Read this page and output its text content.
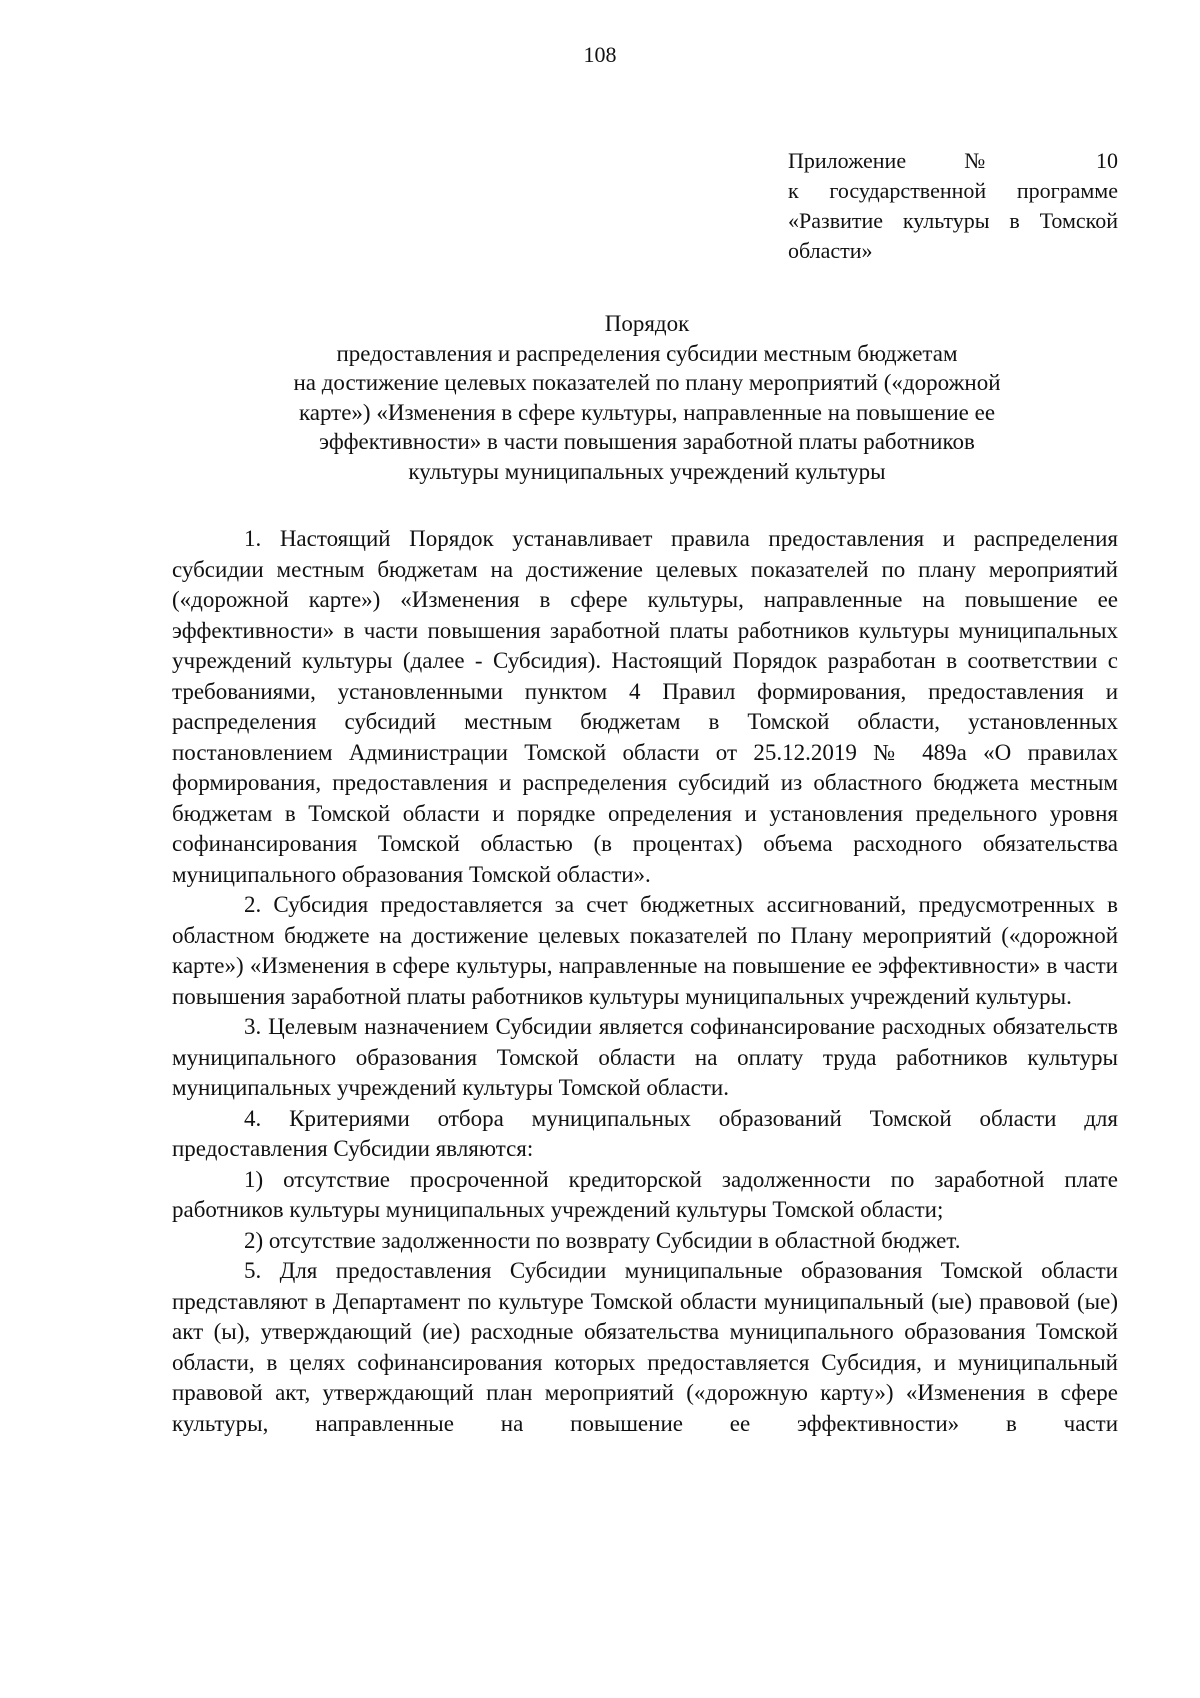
108
Приложение № 10
к государственной программе
«Развитие культуры в Томской
области»
Порядок
предоставления и распределения субсидии местным бюджетам
на достижение целевых показателей по плану мероприятий («дорожной
карте») «Изменения в сфере культуры, направленные на повышение ее
эффективности» в части повышения заработной платы работников
культуры муниципальных учреждений культуры

1. Настоящий Порядок устанавливает правила предоставления и распределения субсидии местным бюджетам на достижение целевых показателей по плану мероприятий («дорожной карте») «Изменения в сфере культуры, направленные на повышение ее эффективности» в части повышения заработной платы работников культуры муниципальных учреждений культуры (далее - Субсидия). Настоящий Порядок разработан в соответствии с требованиями, установленными пунктом 4 Правил формирования, предоставления и распределения субсидий местным бюджетам в Томской области, установленных постановлением Администрации Томской области от 25.12.2019 № 489а «О правилах формирования, предоставления и распределения субсидий из областного бюджета местным бюджетам в Томской области и порядке определения и установления предельного уровня софинансирования Томской областью (в процентах) объема расходного обязательства муниципального образования Томской области».

2. Субсидия предоставляется за счет бюджетных ассигнований, предусмотренных в областном бюджете на достижение целевых показателей по Плану мероприятий («дорожной карте») «Изменения в сфере культуры, направленные на повышение ее эффективности» в части повышения заработной платы работников культуры муниципальных учреждений культуры.

3. Целевым назначением Субсидии является софинансирование расходных обязательств муниципального образования Томской области на оплату труда работников культуры муниципальных учреждений культуры Томской области.

4. Критериями отбора муниципальных образований Томской области для предоставления Субсидии являются:

1) отсутствие просроченной кредиторской задолженности по заработной плате работников культуры муниципальных учреждений культуры Томской области;

2) отсутствие задолженности по возврату Субсидии в областной бюджет.

5. Для предоставления Субсидии муниципальные образования Томской области представляют в Департамент по культуре Томской области муниципальный (ые) правовой (ые) акт (ы), утверждающий (ие) расходные обязательства муниципального образования Томской области, в целях софинансирования которых предоставляется Субсидия, и муниципальный правовой акт, утверждающий план мероприятий («дорожную карту») «Изменения в сфере культуры, направленные на повышение ее эффективности» в части
